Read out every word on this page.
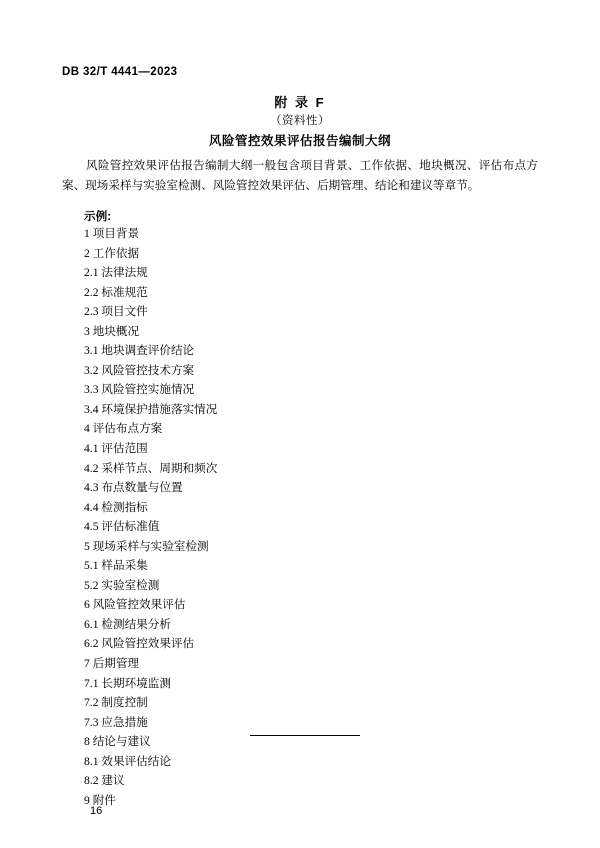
DB 32/T 4441—2023
附 录 F
（资料性）
风险管控效果评估报告编制大纲
风险管控效果评估报告编制大纲一般包含项目背景、工作依据、地块概况、评估布点方案、现场采样与实验室检测、风险管控效果评估、后期管理、结论和建议等章节。
示例:
1 项目背景
2 工作依据
2.1 法律法规
2.2 标准规范
2.3 项目文件
3 地块概况
3.1 地块调查评价结论
3.2 风险管控技术方案
3.3 风险管控实施情况
3.4 环境保护措施落实情况
4 评估布点方案
4.1 评估范围
4.2 采样节点、周期和频次
4.3 布点数量与位置
4.4 检测指标
4.5 评估标准值
5 现场采样与实验室检测
5.1 样品采集
5.2 实验室检测
6 风险管控效果评估
6.1 检测结果分析
6.2 风险管控效果评估
7 后期管理
7.1 长期环境监测
7.2 制度控制
7.3 应急措施
8 结论与建议
8.1 效果评估结论
8.2 建议
9 附件
16
